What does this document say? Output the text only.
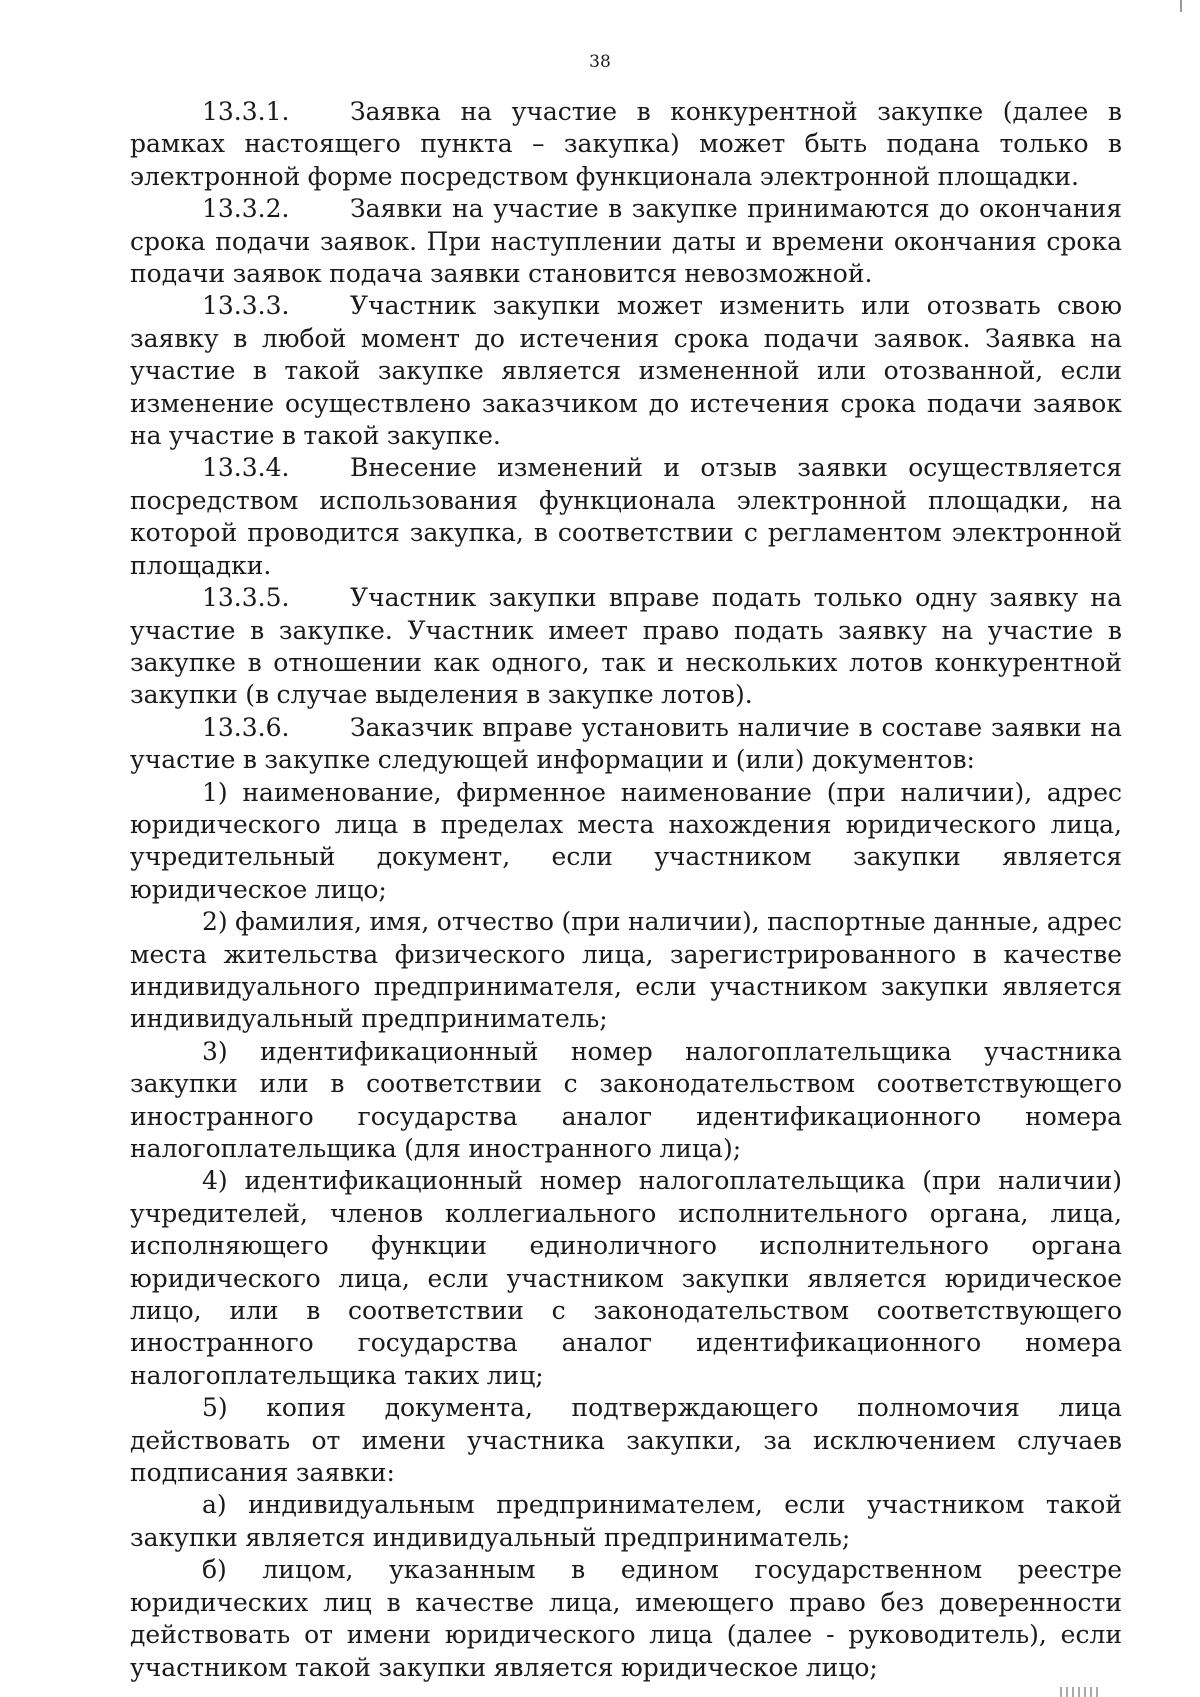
38

13.3.1. Заявка на участие в конкурентной закупке (далее в рамках настоящего пункта – закупка) может быть подана только в электронной форме посредством функционала электронной площадки.

13.3.2. Заявки на участие в закупке принимаются до окончания срока подачи заявок. При наступлении даты и времени окончания срока подачи заявок подача заявки становится невозможной.

13.3.3. Участник закупки может изменить или отозвать свою заявку в любой момент до истечения срока подачи заявок. Заявка на участие в такой закупке является измененной или отозванной, если изменение осуществлено заказчиком до истечения срока подачи заявок на участие в такой закупке.

13.3.4. Внесение изменений и отзыв заявки осуществляется посредством использования функционала электронной площадки, на которой проводится закупка, в соответствии с регламентом электронной площадки.

13.3.5. Участник закупки вправе подать только одну заявку на участие в закупке. Участник имеет право подать заявку на участие в закупке в отношении как одного, так и нескольких лотов конкурентной закупки (в случае выделения в закупке лотов).

13.3.6. Заказчик вправе установить наличие в составе заявки на участие в закупке следующей информации и (или) документов:

1) наименование, фирменное наименование (при наличии), адрес юридического лица в пределах места нахождения юридического лица, учредительный документ, если участником закупки является юридическое лицо;

2) фамилия, имя, отчество (при наличии), паспортные данные, адрес места жительства физического лица, зарегистрированного в качестве индивидуального предпринимателя, если участником закупки является индивидуальный предприниматель;

3) идентификационный номер налогоплательщика участника закупки или в соответствии с законодательством соответствующего иностранного государства аналог идентификационного номера налогоплательщика (для иностранного лица);

4) идентификационный номер налогоплательщика (при наличии) учредителей, членов коллегиального исполнительного органа, лица, исполняющего функции единоличного исполнительного органа юридического лица, если участником закупки является юридическое лицо, или в соответствии с законодательством соответствующего иностранного государства аналог идентификационного номера налогоплательщика таких лиц;

5) копия документа, подтверждающего полномочия лица действовать от имени участника закупки, за исключением случаев подписания заявки:

а) индивидуальным предпринимателем, если участником такой закупки является индивидуальный предприниматель;

б) лицом, указанным в едином государственном реестре юридических лиц в качестве лица, имеющего право без доверенности действовать от имени юридического лица (далее - руководитель), если участником такой закупки является юридическое лицо;
